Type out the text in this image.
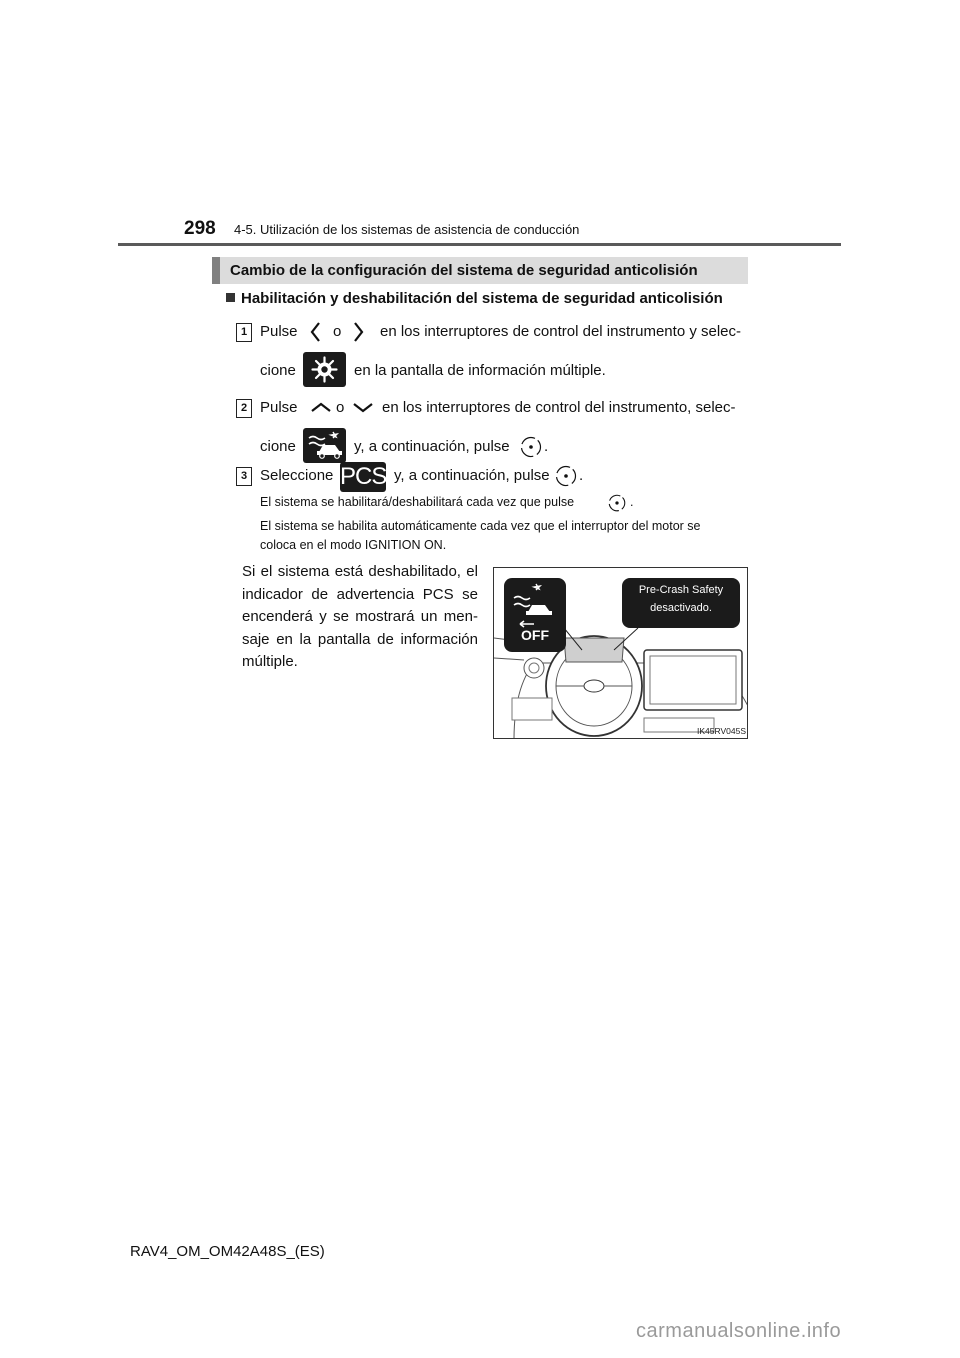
298 4-5. Utilización de los sistemas de asistencia de conducción
Cambio de la configuración del sistema de seguridad anticolisión
Habilitación y deshabilitación del sistema de seguridad anticolisión
1 Pulse o	en los interruptores de control del instrumento y selec-
cione	en la pantalla de información múltiple.
2 Pulse	o	en los interruptores de control del instrumento, selec-
cione	y, a continuación, pulse .
3 Seleccione PCS y, a continuación, pulse .
El sistema se habilitará/deshabilitará cada vez que pulse	.
El sistema se habilita automáticamente cada vez que el interruptor del motor se
coloca en el modo IGNITION ON.
Si el sistema está deshabilitado, el indicador de advertencia PCS se encenderá y se mostrará un men-saje en la pantalla de información múltiple.
OFF
Pre-Crash Safety
desactivado.
IK45RV045S
RAV4_OM_OM42A48S_(ES)
carmanualsonline.info
